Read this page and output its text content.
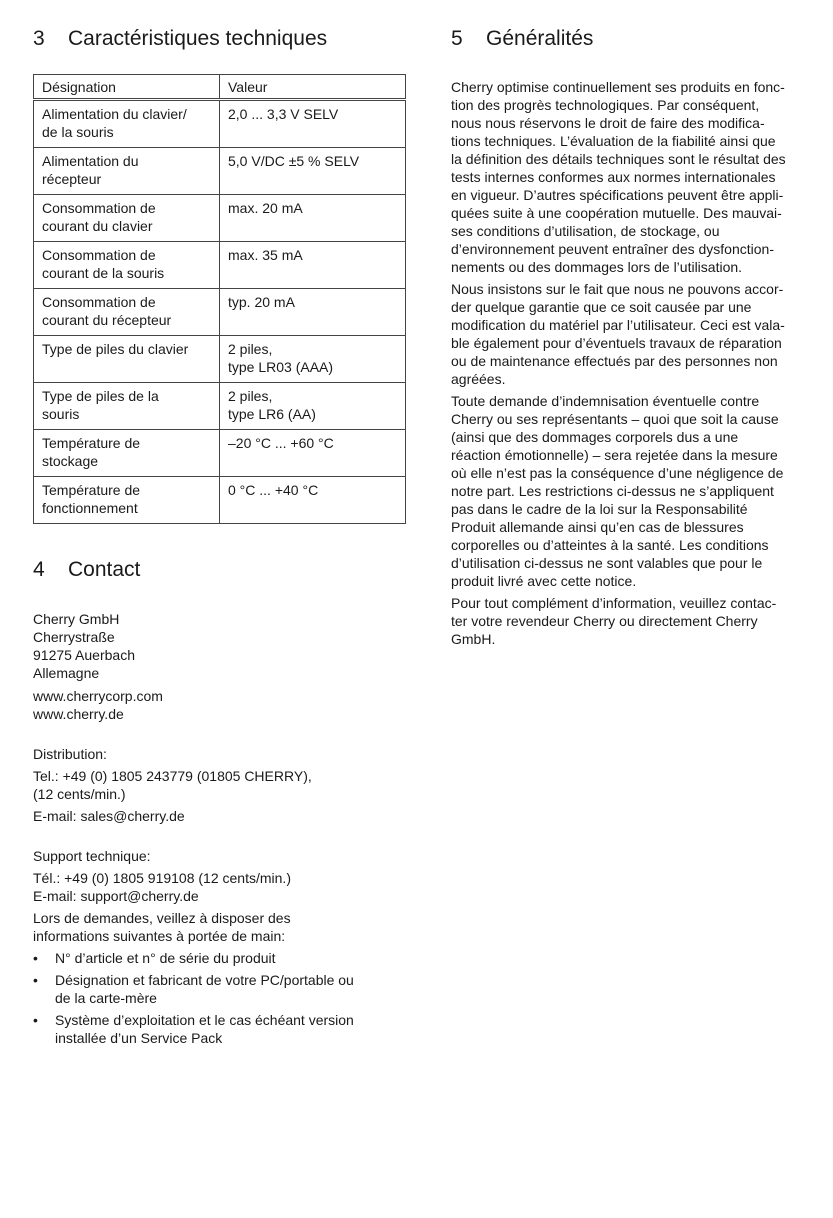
3 Caractéristiques techniques
Désignation	Valeur
Alimentation du clavier/
de la souris	2,0 ... 3,3 V SELV
Alimentation du
récepteur	5,0 V/DC ±5 % SELV
Consommation de
courant du clavier	max. 20 mA
Consommation de
courant de la souris	max. 35 mA
Consommation de
courant du récepteur	typ. 20 mA
Type de piles du clavier	2 piles,
type LR03 (AAA)
Type de piles de la
souris	2 piles,
type LR6 (AA)
Température de
stockage	–20 °C ... +60 °C
Température de
fonctionnement	0 °C ... +40 °C
4 Contact

Cherry GmbH

Cherrystraße

91275 Auerbach

Allemagne

www.cherrycorp.com

www.cherry.de

Distribution:

Tel.: +49 (0) 1805 243779 (01805 CHERRY),

(12 cents/min.)

E-mail: sales@cherry.de

Support technique:

Tél.: +49 (0) 1805 919108 (12 cents/min.)

E-mail: support@cherry.de

Lors de demandes, veillez à disposer des

informations suivantes à portée de main:

• N° d’article et n° de série du produit
• Désignation et fabricant de votre PC/portable ou
de la carte-mère
• Système d’exploitation et le cas échéant version
installée d’un Service Pack
5 Généralités

Cherry optimise continuellement ses produits en fonc-
tion des progrès technologiques. Par conséquent,
nous nous réservons le droit de faire des modifica-
tions techniques. L’évaluation de la fiabilité ainsi que
la définition des détails techniques sont le résultat des
tests internes conformes aux normes internationales
en vigueur. D’autres spécifications peuvent être appli-
quées suite à une coopération mutuelle. Des mauvai-
ses conditions d’utilisation, de stockage, ou
d’environnement peuvent entraîner des dysfonction-
nements ou des dommages lors de l’utilisation.

Nous insistons sur le fait que nous ne pouvons accor-
der quelque garantie que ce soit causée par une
modification du matériel par l’utilisateur. Ceci est vala-
ble également pour d’éventuels travaux de réparation
ou de maintenance effectués par des personnes non
agréées.

Toute demande d’indemnisation éventuelle contre
Cherry ou ses représentants – quoi que soit la cause
(ainsi que des dommages corporels dus a une
réaction émotionnelle) – sera rejetée dans la mesure
où elle n’est pas la conséquence d’une négligence de
notre part. Les restrictions ci-dessus ne s’appliquent
pas dans le cadre de la loi sur la Responsabilité
Produit allemande ainsi qu’en cas de blessures
corporelles ou d’atteintes à la santé. Les conditions
d’utilisation ci-dessus ne sont valables que pour le
produit livré avec cette notice.

Pour tout complément d’information, veuillez contac-
ter votre revendeur Cherry ou directement Cherry
GmbH.
